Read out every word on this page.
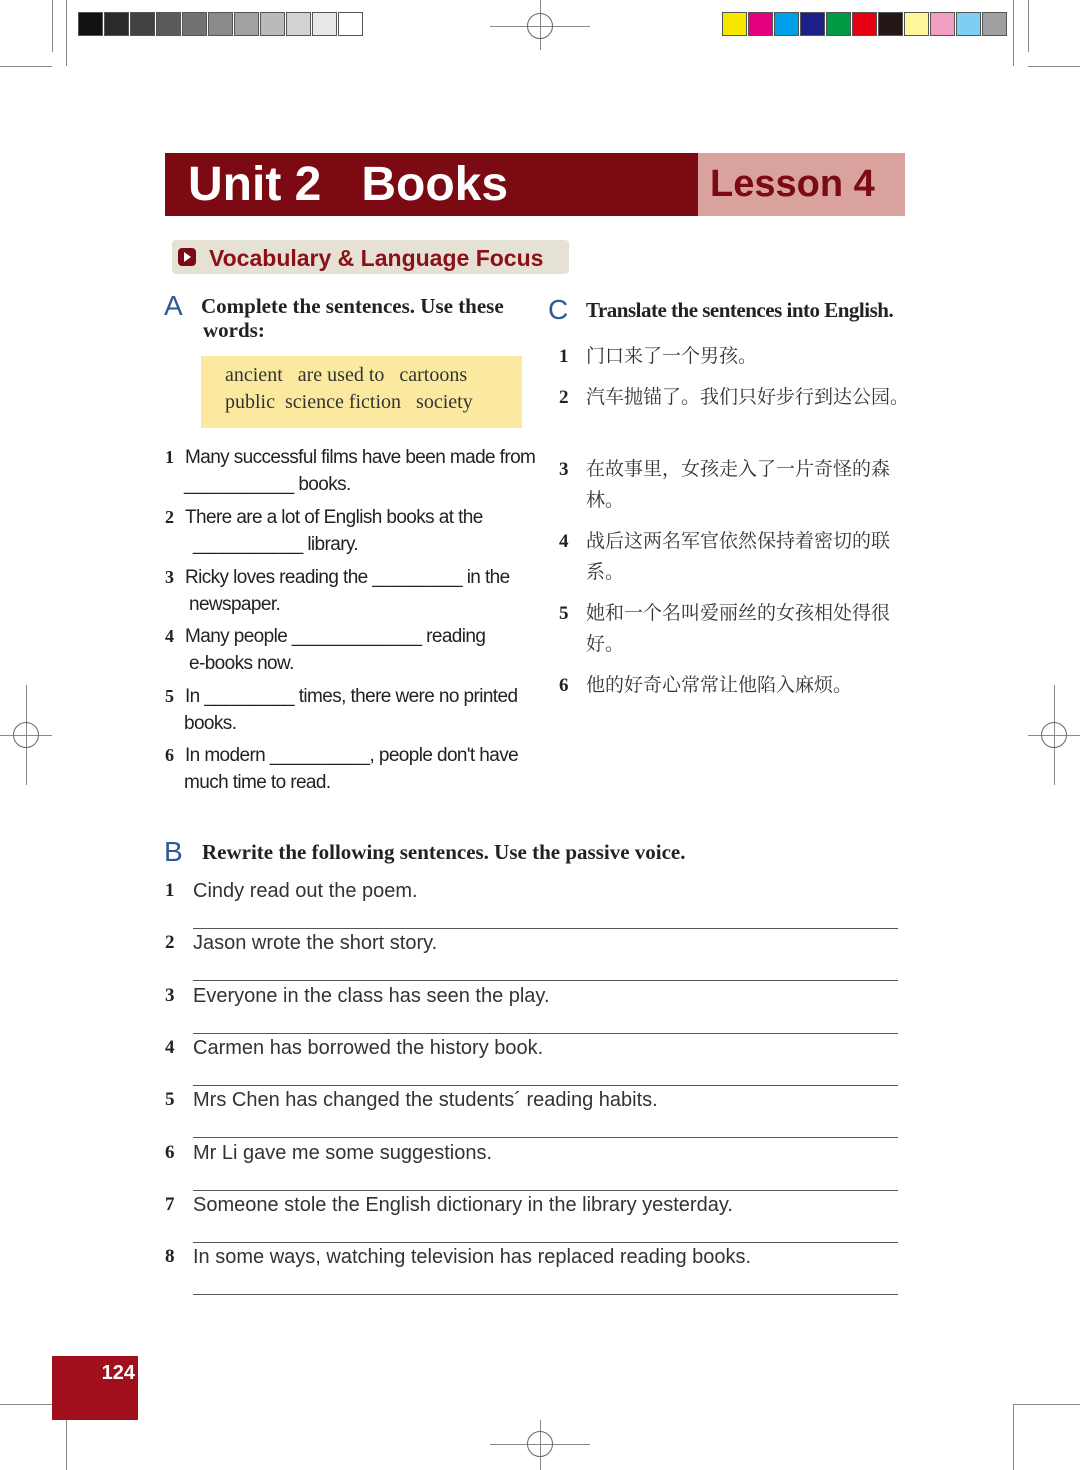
Unit 2   Books	Lesson 4
Vocabulary & Language Focus
A Complete the sentences. Use these
words:
ancient   are used to   cartoons
public  science fiction   society
1 Many successful films have been made from
___________ books.
2 There are a lot of English books at the
___________ library.
3 Ricky loves reading the _________ in the
newspaper.
4 Many people _____________ reading
e-books now.
5 In _________ times, there were no printed
books.
6 In modern __________, people don't have
much time to read.
C Translate the sentences into English.
1 门口来了一个男孩。
2 汽车抛锚了。我们只好步行到达公园。
3 在故事里，女孩走入了一片奇怪的森林。
4 战后这两名军官依然保持着密切的联系。
5 她和一个名叫爱丽丝的女孩相处得很好。
6 他的好奇心常常让他陷入麻烦。
B Rewrite the following sentences. Use the passive voice.
1 Cindy read out the poem.
2 Jason wrote the short story.
3 Everyone in the class has seen the play.
4 Carmen has borrowed the history book.
5 Mrs Chen has changed the students´ reading habits.
6 Mr Li gave me some suggestions.
7 Someone stole the English dictionary in the library yesterday.
8 In some ways, watching television has replaced reading books.
124
